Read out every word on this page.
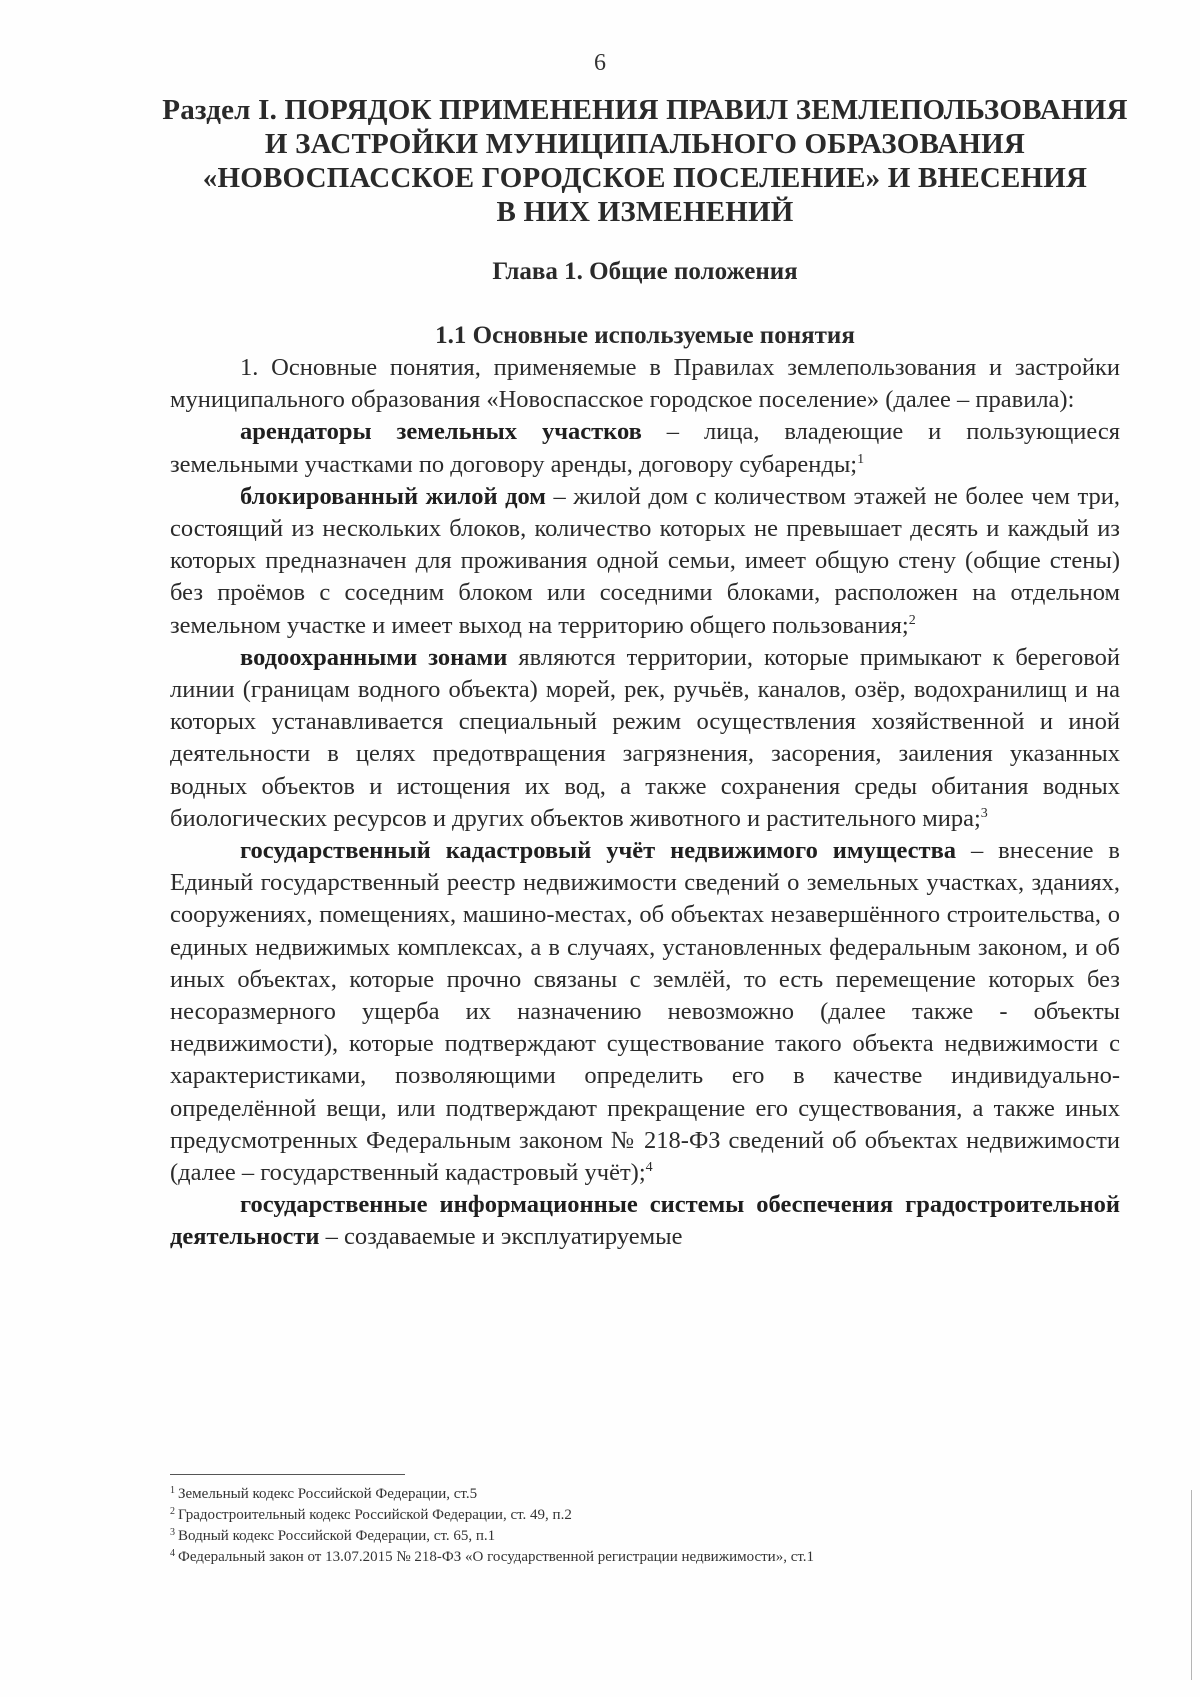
6
Раздел I. ПОРЯДОК ПРИМЕНЕНИЯ ПРАВИЛ ЗЕМЛЕПОЛЬЗОВАНИЯ
И ЗАСТРОЙКИ МУНИЦИПАЛЬНОГО ОБРАЗОВАНИЯ
«НОВОСПАССКОЕ ГОРОДСКОЕ ПОСЕЛЕНИЕ» И ВНЕСЕНИЯ
В НИХ ИЗМЕНЕНИЙ
Глава 1. Общие положения
1.1 Основные используемые понятия

1. Основные понятия, применяемые в Правилах землепользования и застройки муниципального образования «Новоспасское городское поселение» (далее – правила):

арендаторы земельных участков – лица, владеющие и пользующиеся земельными участками по договору аренды, договору субаренды;$^1$

блокированный жилой дом – жилой дом с количеством этажей не более чем три, состоящий из нескольких блоков, количество которых не превышает десять и каждый из которых предназначен для проживания одной семьи, имеет общую стену (общие стены) без проёмов с соседним блоком или соседними блоками, расположен на отдельном земельном участке и имеет выход на территорию общего пользования;$^2$

водоохранными зонами являются территории, которые примыкают к береговой линии (границам водного объекта) морей, рек, ручьёв, каналов, озёр, водохранилищ и на которых устанавливается специальный режим осуществления хозяйственной и иной деятельности в целях предотвращения загрязнения, засорения, заиления указанных водных объектов и истощения их вод, а также сохранения среды обитания водных биологических ресурсов и других объектов животного и растительного мира;$^3$

государственный кадастровый учёт недвижимого имущества – внесение в Единый государственный реестр недвижимости сведений о земельных участках, зданиях, сооружениях, помещениях, машино-местах, об объектах незавершённого строительства, о единых недвижимых комплексах, а в случаях, установленных федеральным законом, и об иных объектах, которые прочно связаны с землёй, то есть перемещение которых без несоразмерного ущерба их назначению невозможно (далее также - объекты недвижимости), которые подтверждают существование такого объекта недвижимости с характеристиками, позволяющими определить его в качестве индивидуально-определённой вещи, или подтверждают прекращение его существования, а также иных предусмотренных Федеральным законом № 218-ФЗ сведений об объектах недвижимости (далее – государственный кадастровый учёт);$^4$

государственные информационные системы обеспечения градостроительной деятельности – создаваемые и эксплуатируемые

$^1$ Земельный кодекс Российской Федерации, ст.5
$^2$ Градостроительный кодекс Российской Федерации, ст. 49, п.2
$^3$ Водный кодекс Российской Федерации, ст. 65, п.1
$^4$ Федеральный закон от 13.07.2015 № 218-ФЗ «О государственной регистрации недвижимости», ст.1
